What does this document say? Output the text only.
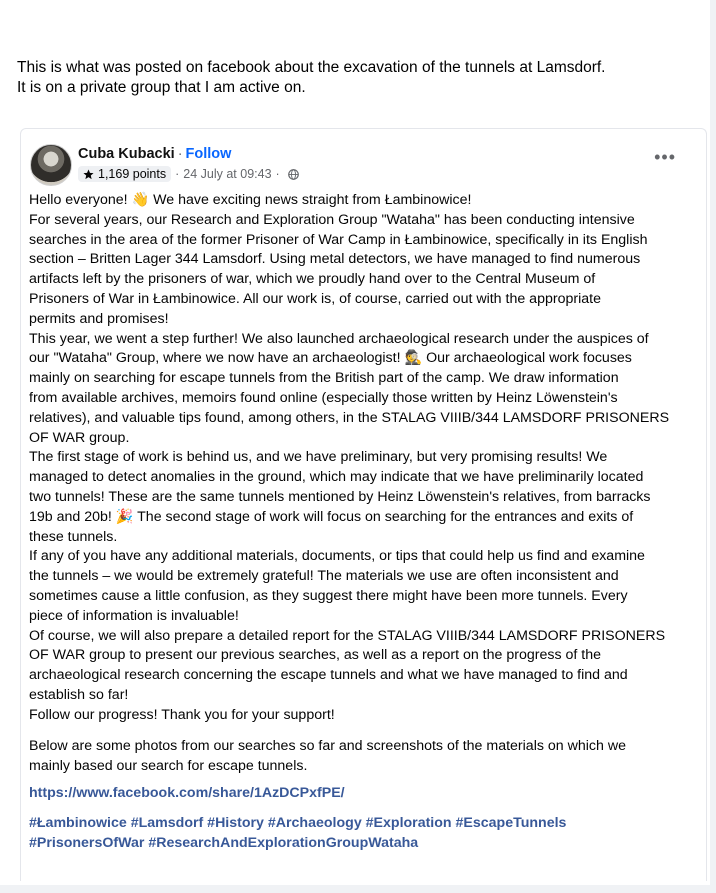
This is what was posted on facebook about the excavation of the tunnels at Lamsdorf.
It is on a private group that I am active on.
Cuba Kubacki · Follow
1,169 points · 24 July at 09:43 ·
•••
Hello everyone! 👋 We have exciting news straight from Łambinowice!
For several years, our Research and Exploration Group "Wataha" has been conducting intensive
searches in the area of the former Prisoner of War Camp in Łambinowice, specifically in its English
section – Britten Lager 344 Lamsdorf. Using metal detectors, we have managed to find numerous
artifacts left by the prisoners of war, which we proudly hand over to the Central Museum of
Prisoners of War in Łambinowice. All our work is, of course, carried out with the appropriate
permits and promises!
This year, we went a step further! We also launched archaeological research under the auspices of
our "Wataha" Group, where we now have an archaeologist! 🕵 Our archaeological work focuses
mainly on searching for escape tunnels from the British part of the camp. We draw information
from available archives, memoirs found online (especially those written by Heinz Löwenstein's
relatives), and valuable tips found, among others, in the STALAG VIIIB/344 LAMSDORF PRISONERS
OF WAR group.
The first stage of work is behind us, and we have preliminary, but very promising results! We
managed to detect anomalies in the ground, which may indicate that we have preliminarily located
two tunnels! These are the same tunnels mentioned by Heinz Löwenstein's relatives, from barracks
19b and 20b! 🎉 The second stage of work will focus on searching for the entrances and exits of
these tunnels.
If any of you have any additional materials, documents, or tips that could help us find and examine
the tunnels – we would be extremely grateful! The materials we use are often inconsistent and
sometimes cause a little confusion, as they suggest there might have been more tunnels. Every
piece of information is invaluable!
Of course, we will also prepare a detailed report for the STALAG VIIIB/344 LAMSDORF PRISONERS
OF WAR group to present our previous searches, as well as a report on the progress of the
archaeological research concerning the escape tunnels and what we have managed to find and
establish so far!
Follow our progress! Thank you for your support!
Below are some photos from our searches so far and screenshots of the materials on which we
mainly based our search for escape tunnels.
https://www.facebook.com/share/1AzDCPxfPE/
#Łambinowice #Lamsdorf #History #Archaeology #Exploration #EscapeTunnels
#PrisonersOfWar #ResearchAndExplorationGroupWataha
